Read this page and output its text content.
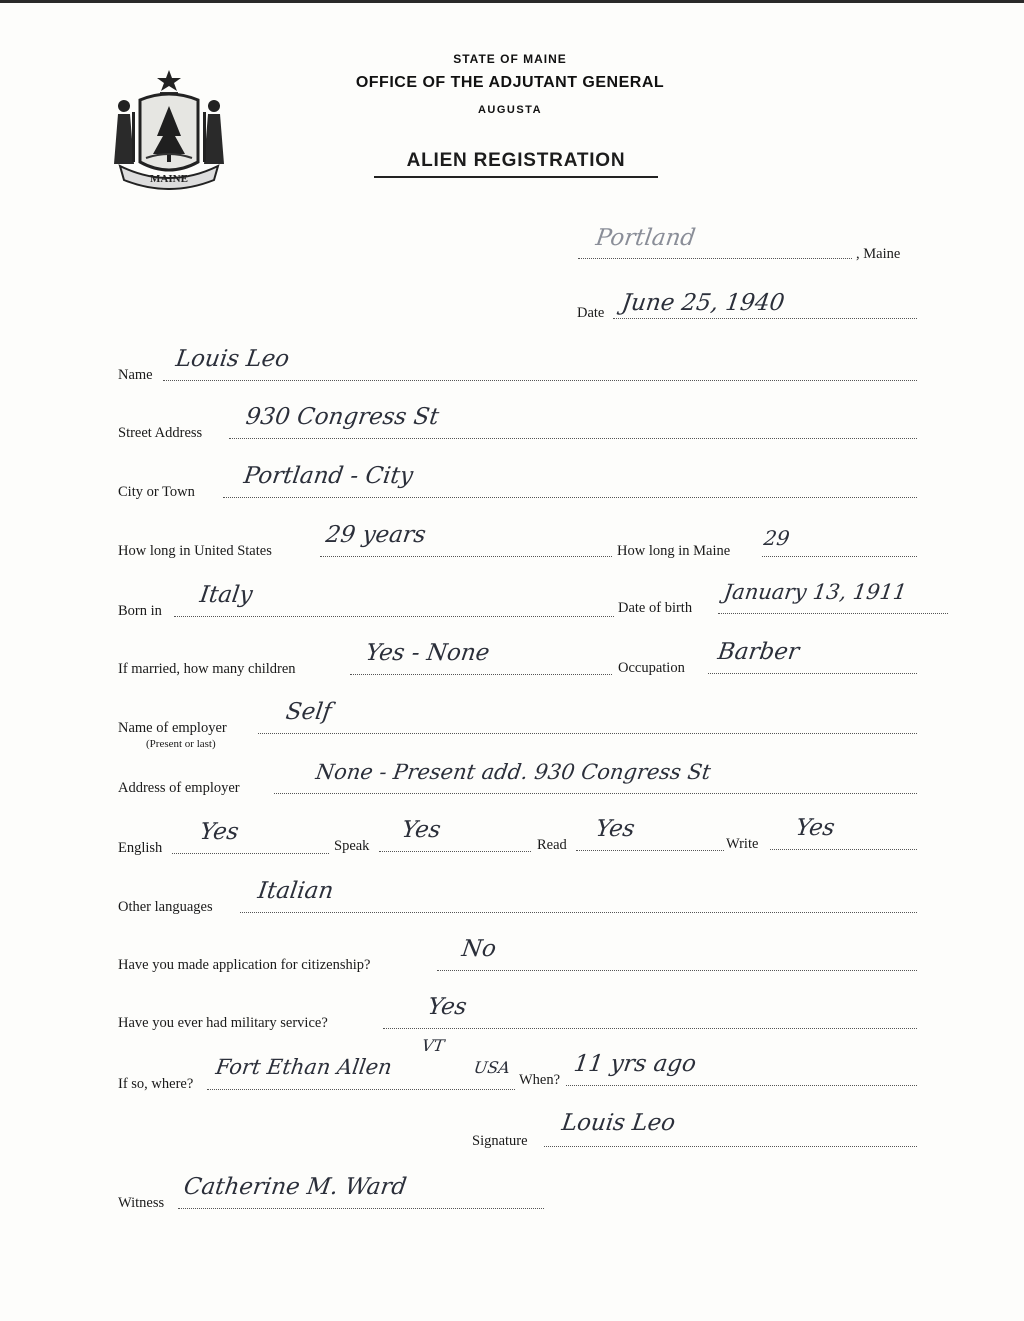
MAINE
STATE OF MAINE
OFFICE OF THE ADJUTANT GENERAL
AUGUSTA
ALIEN REGISTRATION
Portland
, Maine
Date June 25, 1940
Name
Louis Leo
Street Address
930 Congress St
City or Town
Portland - City
How long in United States
29 years
How long in Maine
29
Born in
Italy	Date of birth
January 13, 1911
If married, how many children
Yes - None
Occupation
Barber
Name of employer
(Present or last)
Self
Address of employer
None - Present add. 930 Congress St
English
Yes
Speak
Yes
Read
Yes
Write
Yes
Other languages
Italian
Have you made application for citizenship?
No
Have you ever had military service?
Yes
If so, where?
VT
Fort Ethan Allen	USA
When?
11 yrs ago
Signature
Louis Leo
Witness
Catherine M. Ward
